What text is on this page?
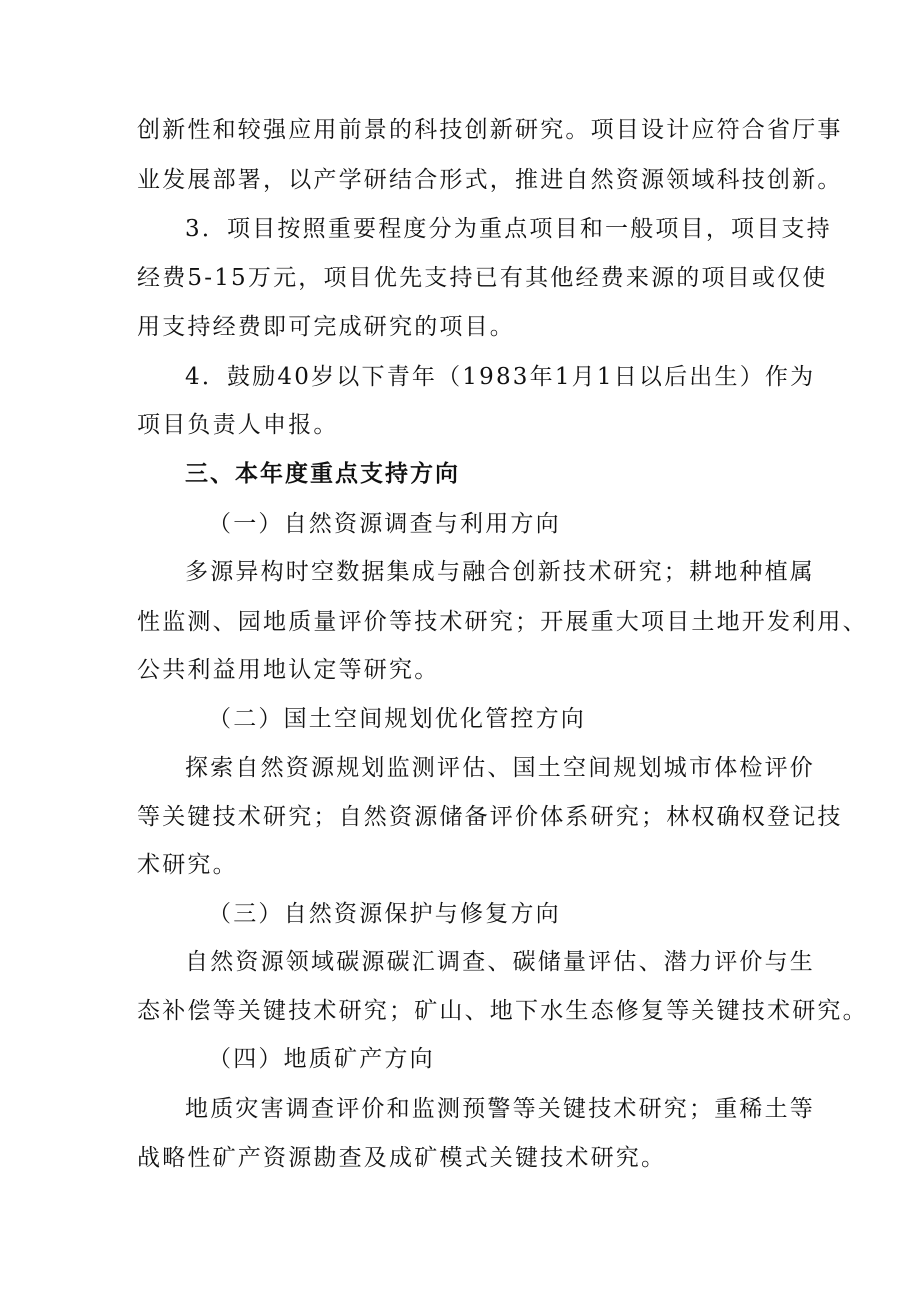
创新性和较强应用前景的科技创新研究。项目设计应符合省厅事
业发展部署，以产学研结合形式，推进自然资源领域科技创新。
3．项目按照重要程度分为重点项目和一般项目，项目支持
经费5-15万元，项目优先支持已有其他经费来源的项目或仅使
用支持经费即可完成研究的项目。
4．鼓励40岁以下青年（1983年1月1日以后出生）作为
项目负责人申报。
三、本年度重点支持方向
（一）自然资源调查与利用方向
多源异构时空数据集成与融合创新技术研究；耕地种植属
性监测、园地质量评价等技术研究；开展重大项目土地开发利用、
公共利益用地认定等研究。
（二）国土空间规划优化管控方向
探索自然资源规划监测评估、国土空间规划城市体检评价
等关键技术研究；自然资源储备评价体系研究；林权确权登记技
术研究。
（三）自然资源保护与修复方向
自然资源领域碳源碳汇调查、碳储量评估、潜力评价与生
态补偿等关键技术研究；矿山、地下水生态修复等关键技术研究。
（四）地质矿产方向
地质灾害调查评价和监测预警等关键技术研究；重稀土等
战略性矿产资源勘查及成矿模式关键技术研究。
